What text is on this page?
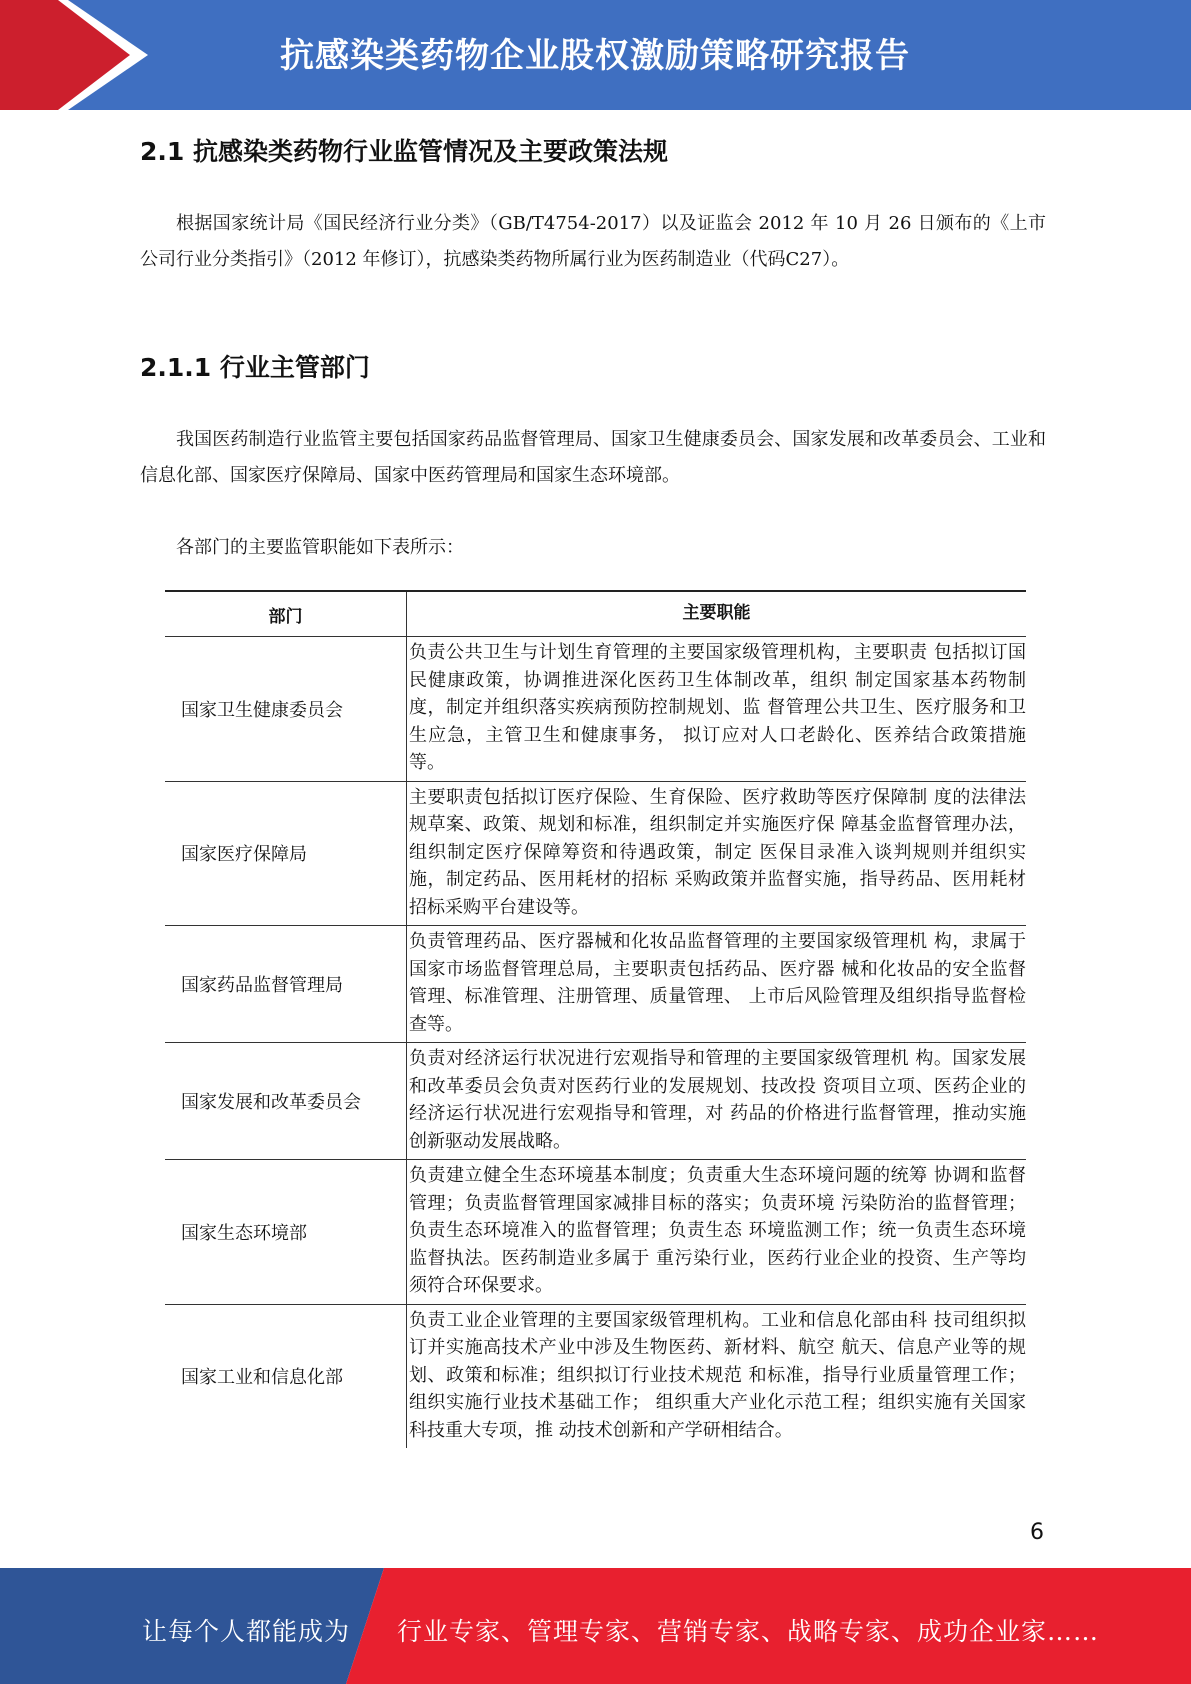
抗感染类药物企业股权激励策略研究报告
2.1 抗感染类药物行业监管情况及主要政策法规

根据国家统计局《国民经济行业分类》（GB/T4754-2017）以及证监会 2012 年 10 月 26 日颁布的《上市公司行业分类指引》（2012 年修订），抗感染类药物所属行业为医药制造业（代码C27）。

2.1.1 行业主管部门

我国医药制造行业监管主要包括国家药品监督管理局、国家卫生健康委员会、国家发展和改革委员会、工业和信息化部、国家医疗保障局、国家中医药管理局和国家生态环境部。

各部门的主要监管职能如下表所示：

部门	主要职能
国家卫生健康委员会
负责公共卫生与计划生育管理的主要国家级管理机构，主要职责 包括拟订国民健康政策，协调推进深化医药卫生体制改革，组织 制定国家基本药物制度，制定并组织落实疾病预防控制规划、监 督管理公共卫生、医疗服务和卫生应急，主管卫生和健康事务， 拟订应对人口老龄化、医养结合政策措施等。
国家医疗保障局
主要职责包括拟订医疗保险、生育保险、医疗救助等医疗保障制 度的法律法规草案、政策、规划和标准，组织制定并实施医疗保 障基金监督管理办法，组织制定医疗保障筹资和待遇政策，制定 医保目录准入谈判规则并组织实施，制定药品、医用耗材的招标 采购政策并监督实施，指导药品、医用耗材招标采购平台建设等。
国家药品监督管理局
负责管理药品、医疗器械和化妆品监督管理的主要国家级管理机 构，隶属于国家市场监督管理总局，主要职责包括药品、医疗器 械和化妆品的安全监督管理、标准管理、注册管理、质量管理、 上市后风险管理及组织指导监督检查等。
国家发展和改革委员会
负责对经济运行状况进行宏观指导和管理的主要国家级管理机 构。国家发展和改革委员会负责对医药行业的发展规划、技改投 资项目立项、医药企业的经济运行状况进行宏观指导和管理，对 药品的价格进行监督管理，推动实施创新驱动发展战略。
国家生态环境部
负责建立健全生态环境基本制度；负责重大生态环境问题的统筹 协调和监督管理；负责监督管理国家减排目标的落实；负责环境 污染防治的监督管理；负责生态环境准入的监督管理；负责生态 环境监测工作；统一负责生态环境监督执法。医药制造业多属于 重污染行业，医药行业企业的投资、生产等均须符合环保要求。
国家工业和信息化部
负责工业企业管理的主要国家级管理机构。工业和信息化部由科 技司组织拟订并实施高技术产业中涉及生物医药、新材料、航空 航天、信息产业等的规划、政策和标准；组织拟订行业技术规范 和标准，指导行业质量管理工作；组织实施行业技术基础工作； 组织重大产业化示范工程；组织实施有关国家科技重大专项，推 动技术创新和产学研相结合。
6
让每个人都能成为 行业专家、管理专家、营销专家、战略专家、成功企业家……
